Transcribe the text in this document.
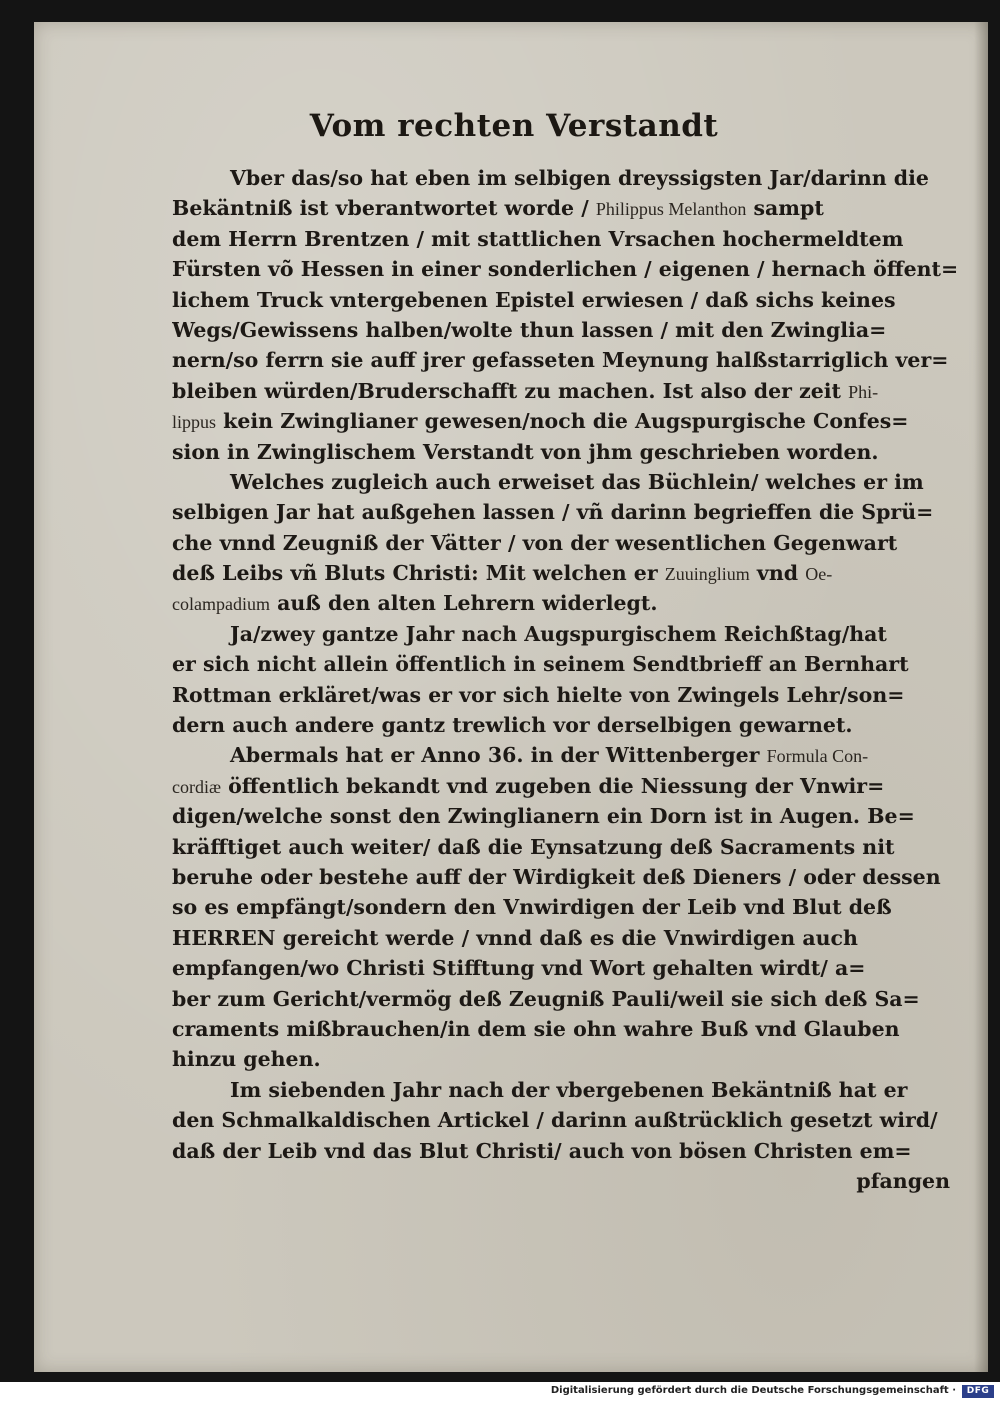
Vom rechten Verstandt
Vber das/so hat eben im selbigen dreyssigsten Jar/darinn die
Bekäntniß ist vberantwortet worde / Philippus Melanthon sampt
dem Herrn Brentzen / mit stattlichen Vrsachen hochermeldtem
Fürsten võ Hessen in einer sonderlichen / eigenen / hernach öffent=
lichem Truck vntergebenen Epistel erwiesen / daß sichs keines
Wegs/Gewissens halben/wolte thun lassen / mit den Zwinglia=
nern/so ferrn sie auff jrer gefasseten Meynung halßstarriglich ver=
bleiben würden/Bruderschafft zu machen. Ist also der zeit Phi-
lippus kein Zwinglianer gewesen/noch die Augspurgische Confes=
sion in Zwinglischem Verstandt von jhm geschrieben worden.
Welches zugleich auch erweiset das Büchlein/ welches er im
selbigen Jar hat außgehen lassen / vñ darinn begrieffen die Sprü=
che vnnd Zeugniß der Vätter / von der wesentlichen Gegenwart
deß Leibs vñ Bluts Christi: Mit welchen er Zuuinglium vnd Oe-
colampadium auß den alten Lehrern widerlegt.
Ja/zwey gantze Jahr nach Augspurgischem Reichßtag/hat
er sich nicht allein öffentlich in seinem Sendtbrieff an Bernhart
Rottman erkläret/was er vor sich hielte von Zwingels Lehr/son=
dern auch andere gantz trewlich vor derselbigen gewarnet.
Abermals hat er Anno 36. in der Wittenberger Formula Con-
cordiæ öffentlich bekandt vnd zugeben die Niessung der Vnwir=
digen/welche sonst den Zwinglianern ein Dorn ist in Augen. Be=
kräfftiget auch weiter/ daß die Eynsatzung deß Sacraments nit
beruhe oder bestehe auff der Wirdigkeit deß Dieners / oder dessen
so es empfängt/sondern den Vnwirdigen der Leib vnd Blut deß
HERREN gereicht werde / vnnd daß es die Vnwirdigen auch
empfangen/wo Christi Stifftung vnd Wort gehalten wirdt/ a=
ber zum Gericht/vermög deß Zeugniß Pauli/weil sie sich deß Sa=
craments mißbrauchen/in dem sie ohn wahre Buß vnd Glauben
hinzu gehen.
Im siebenden Jahr nach der vbergebenen Bekäntniß hat er
den Schmalkaldischen Artickel / darinn außtrücklich gesetzt wird/
daß der Leib vnd das Blut Christi/ auch von bösen Christen em=
pfangen
Digitalisierung gefördert durch die Deutsche Forschungsgemeinschaft ·	DFG
